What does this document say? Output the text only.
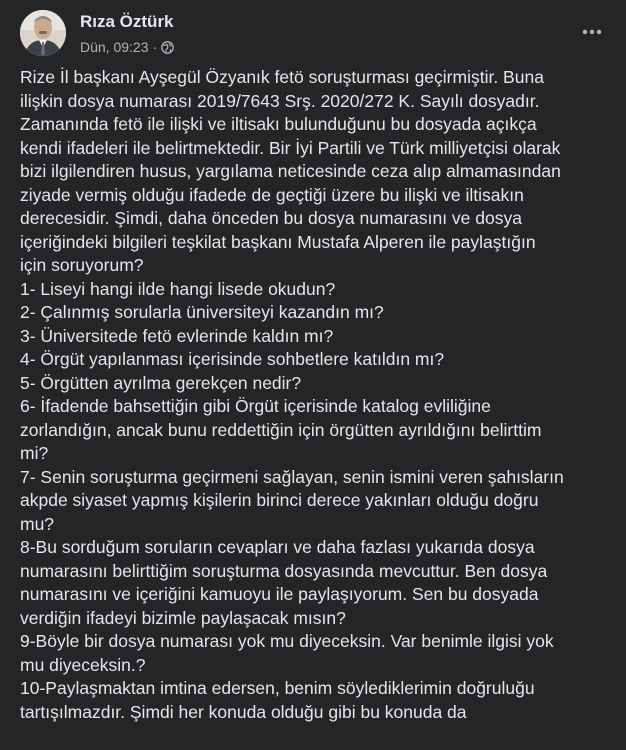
Rıza Öztürk
Dün, 09:23 ·

Rize İl başkanı Ayşegül Özyanık fetö soruşturması geçirmiştir. Buna

ilişkin dosya numarası 2019/7643 Srş. 2020/272 K. Sayılı dosyadır.

Zamanında fetö ile ilişki ve iltisakı bulunduğunu bu dosyada açıkça

kendi ifadeleri ile belirtmektedir. Bir İyi Partili ve Türk milliyetçisi olarak

bizi ilgilendiren husus, yargılama neticesinde ceza alıp almamasından

ziyade vermiş olduğu ifadede de geçtiği üzere bu ilişki ve iltisakın

derecesidir. Şimdi, daha önceden bu dosya numarasını ve dosya

içeriğindeki bilgileri teşkilat başkanı Mustafa Alperen ile paylaştığın

için soruyorum?

1- Liseyi hangi ilde hangi lisede okudun?

2- Çalınmış sorularla üniversiteyi kazandın mı?

3- Üniversitede fetö evlerinde kaldın mı?

4- Örgüt yapılanması içerisinde sohbetlere katıldın mı?

5- Örgütten ayrılma gerekçen nedir?

6- İfadende bahsettiğin gibi Örgüt içerisinde katalog evliliğine

zorlandığın, ancak bunu reddettiğin için örgütten ayrıldığını belirttim

mi?

7- Senin soruşturma geçirmeni sağlayan, senin ismini veren şahısların

akpde siyaset yapmış kişilerin birinci derece yakınları olduğu doğru

mu?

8-Bu sorduğum soruların cevapları ve daha fazlası yukarıda dosya

numarasını belirttiğim soruşturma dosyasında mevcuttur. Ben dosya

numarasını ve içeriğini kamuoyu ile paylaşıyorum. Sen bu dosyada

verdiğin ifadeyi bizimle paylaşacak mısın?

9-Böyle bir dosya numarası yok mu diyeceksin. Var benimle ilgisi yok

mu diyeceksin.?

10-Paylaşmaktan imtina edersen, benim söylediklerimin doğruluğu

tartışılmazdır. Şimdi her konuda olduğu gibi bu konuda da
